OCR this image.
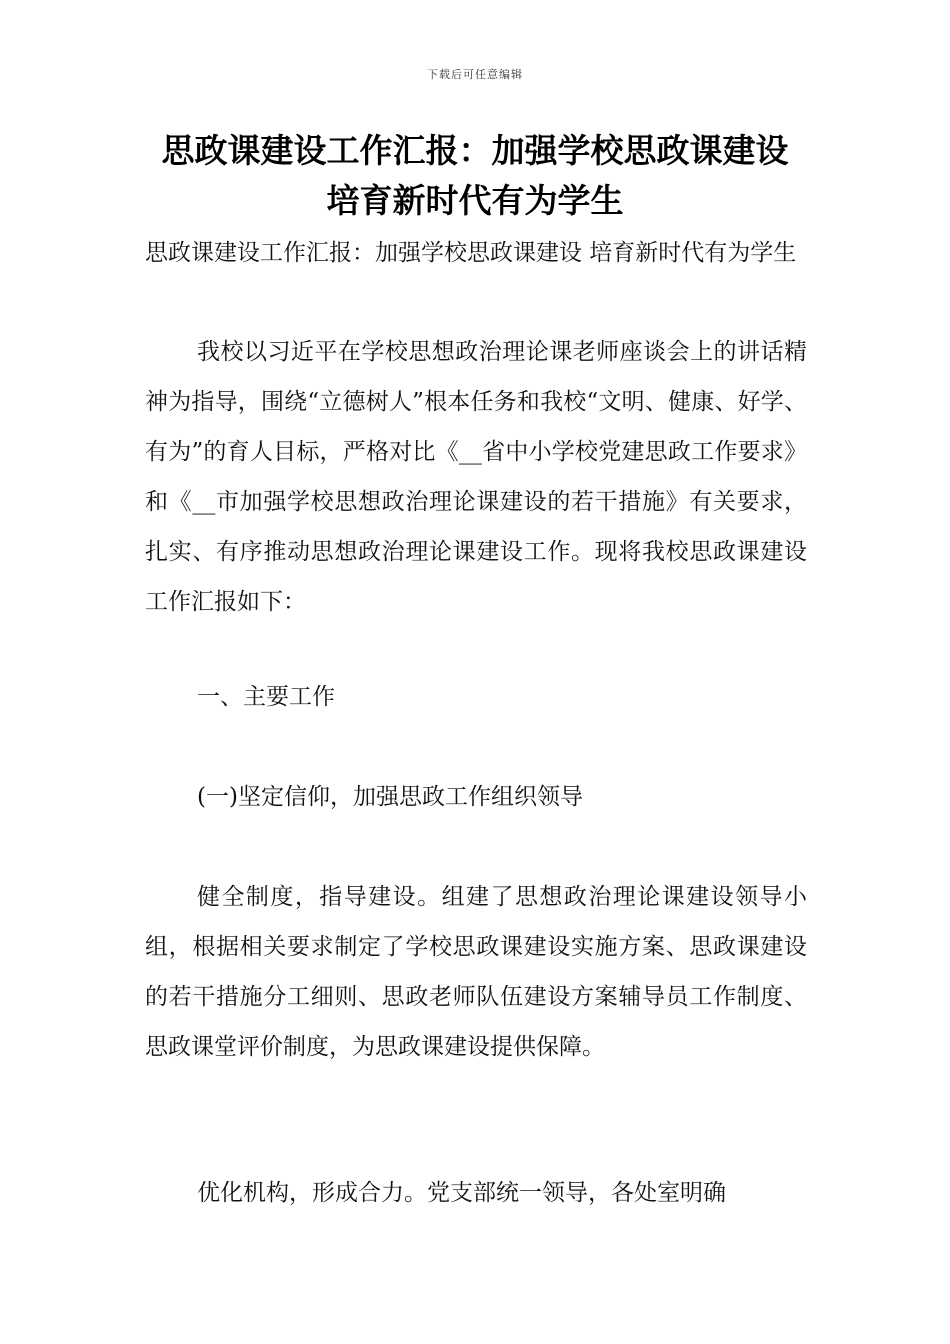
下载后可任意编辑
思政课建设工作汇报：加强学校思政课建设 培育新时代有为学生

思政课建设工作汇报：加强学校思政课建设 培育新时代有为学生

我校以习近平在学校思想政治理论课老师座谈会上的讲话精神为指导，围绕“立德树人”根本任务和我校“文明、健康、好学、有为”的育人目标，严格对比《__省中小学校党建思政工作要求》和《__市加强学校思想政治理论课建设的若干措施》有关要求，扎实、有序推动思想政治理论课建设工作。现将我校思政课建设工作汇报如下：

一、主要工作

(一)坚定信仰，加强思政工作组织领导

健全制度，指导建设。组建了思想政治理论课建设领导小组，根据相关要求制定了学校思政课建设实施方案、思政课建设的若干措施分工细则、思政老师队伍建设方案辅导员工作制度、思政课堂评价制度，为思政课建设提供保障。

优化机构，形成合力。党支部统一领导，各处室明确
